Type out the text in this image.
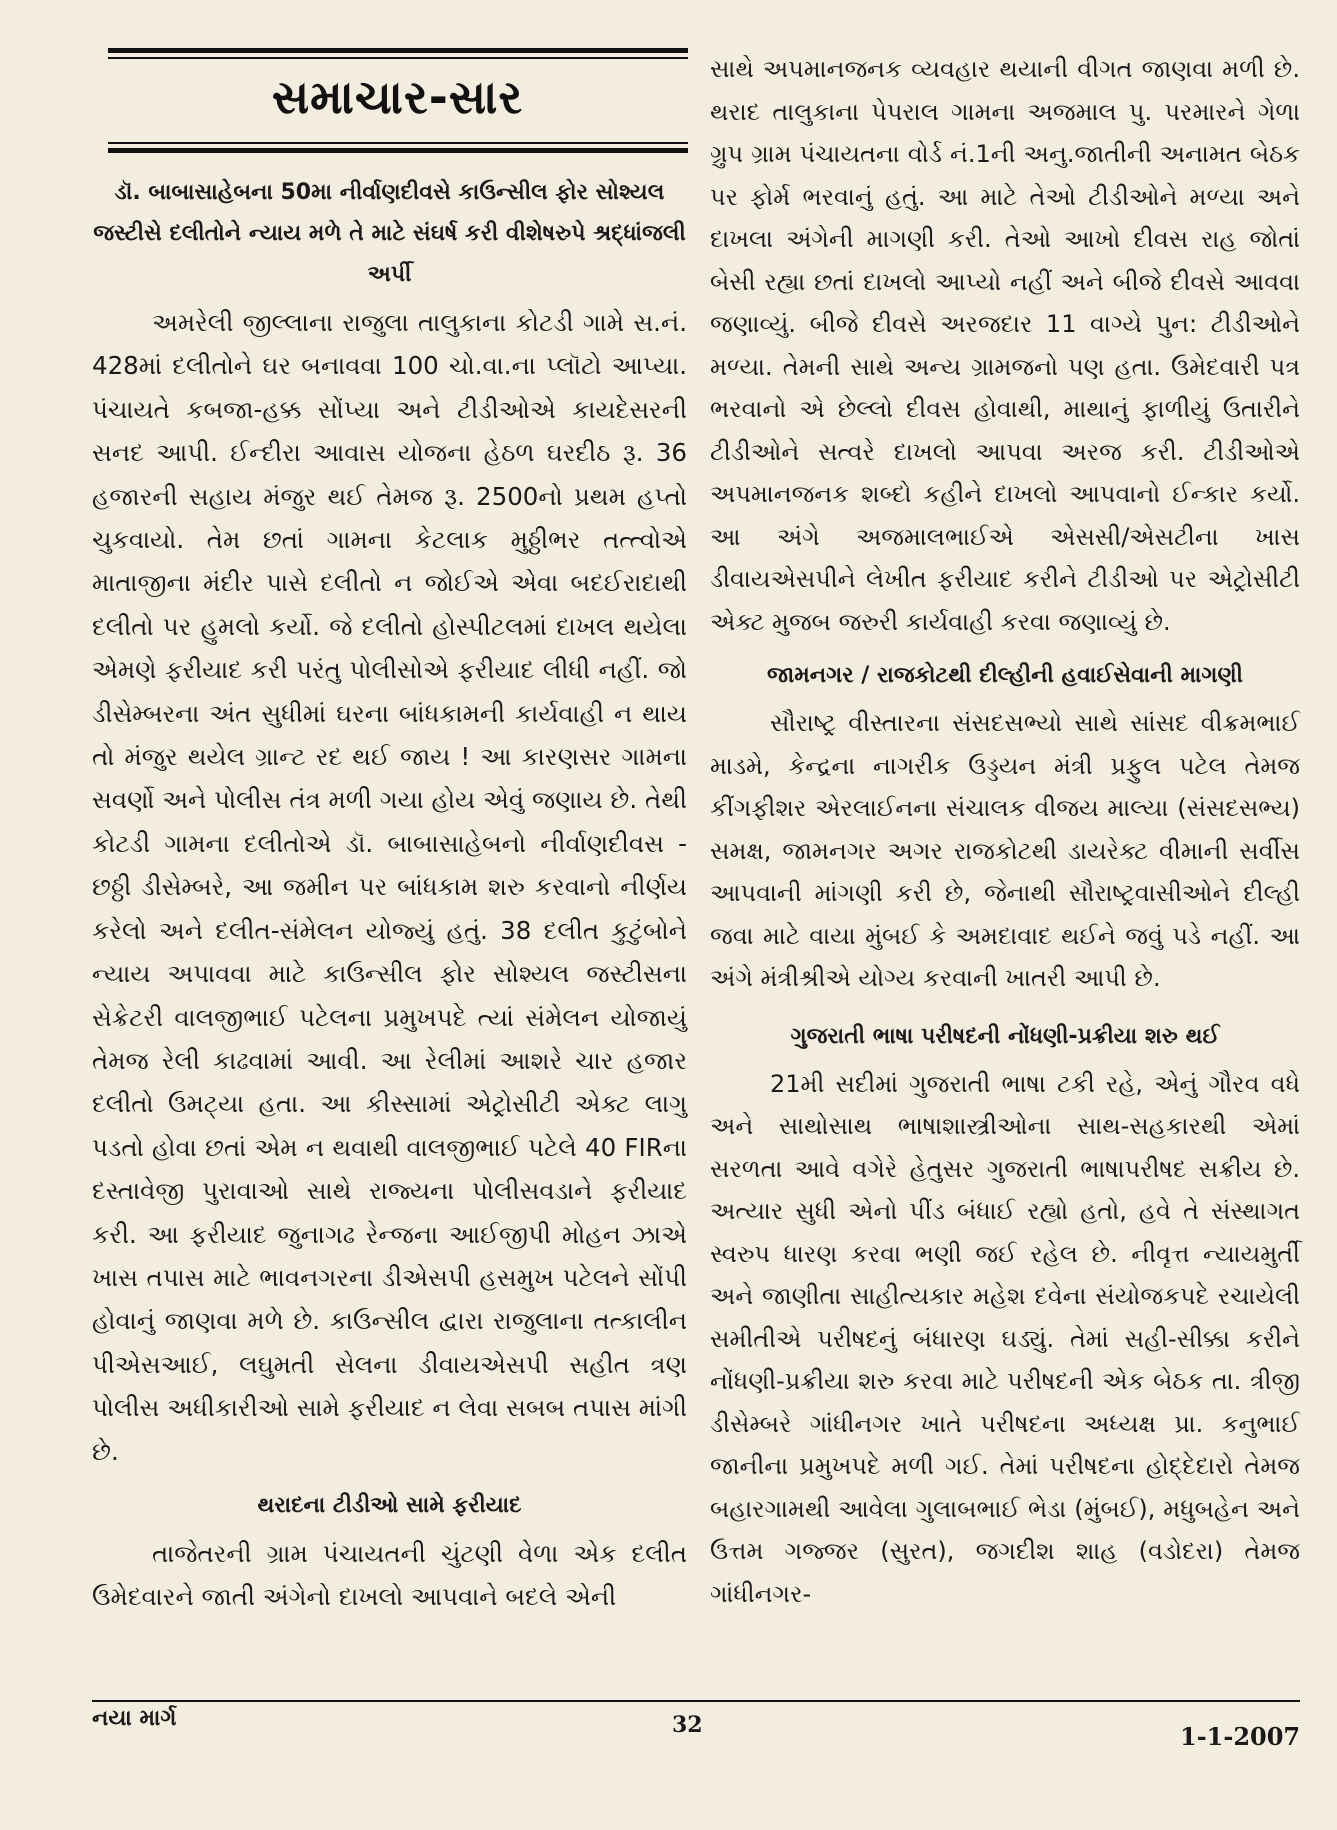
સમાચાર-સાર

ડૉ. બાબાસાહેબના 50મા નીર્વાણદીવસે કાઉન્સીલ ફોર સોશ્યલ જસ્ટીસે દલીતોને ન્યાય મળે તે માટે સંઘર્ષ કરી વીશેષરુપે શ્રદ્ધાંજલી અર્પી

અમરેલી જીલ્લાના રાજુલા તાલુકાના કોટડી ગામે સ.નં. 428માં દલીતોને ઘર બનાવવા 100 ચો.વા.ના પ્લૉટો આપ્યા. પંચાયતે કબજા-હક્ક સોંપ્યા અને ટીડીઓએ કાયદેસરની સનદ આપી. ઈન્દીરા આવાસ યોજના હેઠળ ઘરદીઠ રૂ. 36 હજારની સહાય મંજુર થઈ તેમજ રૂ. 2500નો પ્રથમ હપ્તો ચુકવાયો. તેમ છતાં ગામના કેટલાક મુઠ્ઠીભર તત્ત્વોએ માતાજીના મંદીર પાસે દલીતો ન જોઈએ એવા બદઈરાદાથી દલીતો પર હુમલો કર્યો. જે દલીતો હોસ્પીટલમાં દાખલ થયેલા એમણે ફરીયાદ કરી પરંતુ પોલીસોએ ફરીયાદ લીધી નહીં. જો ડીસેમ્બરના અંત સુધીમાં ઘરના બાંધકામની કાર્યવાહી ન થાય તો મંજુર થયેલ ગ્રાન્ટ રદ થઈ જાય ! આ કારણસર ગામના સવર્ણો અને પોલીસ તંત્ર મળી ગયા હોય એવું જણાય છે. તેથી કોટડી ગામના દલીતોએ ડૉ. બાબાસાહેબનો નીર્વાણદીવસ - છઠ્ઠી ડીસેમ્બરે, આ જમીન પર બાંધકામ શરુ કરવાનો નીર્ણય કરેલો અને દલીત-સંમેલન યોજ્યું હતું. 38 દલીત કુટુંબોને ન્યાય અપાવવા માટે કાઉન્સીલ ફોર સોશ્યલ જસ્ટીસના સેક્રેટરી વાલજીભાઈ પટેલના પ્રમુખપદે ત્યાં સંમેલન યોજાયું તેમજ રેલી કાઢવામાં આવી. આ રેલીમાં આશરે ચાર હજાર દલીતો ઉમટ્યા હતા. આ કીસ્સામાં એટ્રોસીટી એક્ટ લાગુ પડતો હોવા છતાં એમ ન થવાથી વાલજીભાઈ પટેલે 40 FIRના દસ્તાવેજી પુરાવાઓ સાથે રાજ્યના પોલીસવડાને ફરીયાદ કરી. આ ફરીયાદ જુનાગઢ રેન્જના આઈજીપી મોહન ઝાએ ખાસ તપાસ માટે ભાવનગરના ડીએસપી હસમુખ પટેલને સોંપી હોવાનું જાણવા મળે છે. કાઉન્સીલ દ્વારા રાજુલાના તત્કાલીન પીએસઆઈ, લઘુમતી સેલના ડીવાયએસપી સહીત ત્રણ પોલીસ અધીકારીઓ સામે ફરીયાદ ન લેવા સબબ તપાસ માંગી છે.

થરાદના ટીડીઓ સામે ફરીયાદ

તાજેતરની ગ્રામ પંચાયતની ચુંટણી વેળા એક દલીત ઉમેદવારને જાતી અંગેનો દાખલો આપવાને બદલે એની

સાથે અપમાનજનક વ્યવહાર થયાની વીગત જાણવા મળી છે. થરાદ તાલુકાના પેપરાલ ગામના અજમાલ પુ. પરમારને ગેળા ગ્રુપ ગ્રામ પંચાયતના વોર્ડ નં.1ની અનુ.જાતીની અનામત બેઠક પર ફોર્મ ભરવાનું હતું. આ માટે તેઓ ટીડીઓને મળ્યા અને દાખલા અંગેની માગણી કરી. તેઓ આખો દીવસ રાહ જોતાં બેસી રહ્યા છતાં દાખલો આપ્યો નહીં અને બીજે દીવસે આવવા જણાવ્યું. બીજે દીવસે અરજદાર 11 વાગ્યે પુન: ટીડીઓને મળ્યા. તેમની સાથે અન્ય ગ્રામજનો પણ હતા. ઉમેદવારી પત્ર ભરવાનો એ છેલ્લો દીવસ હોવાથી, માથાનું ફાળીયું ઉતારીને ટીડીઓને સત્વરે દાખલો આપવા અરજ કરી. ટીડીઓએ અપમાનજનક શબ્દો કહીને દાખલો આપવાનો ઈન્કાર કર્યો. આ અંગે અજમાલભાઈએ એસસી/એસટીના ખાસ ડીવાયએસપીને લેખીત ફરીયાદ કરીને ટીડીઓ પર એટ્રોસીટી એક્ટ મુજબ જરુરી કાર્યવાહી કરવા જણાવ્યું છે.

જામનગર / રાજકોટથી દીલ્હીની હવાઈસેવાની માગણી

સૌરાષ્ટ્ર વીસ્તારના સંસદસભ્યો સાથે સાંસદ વીક્રમભાઈ માડમે, કેન્દ્રના નાગરીક ઉડ્ડયન મંત્રી પ્રફુલ પટેલ તેમજ કીંગફીશર એરલાઈનના સંચાલક વીજય માલ્યા (સંસદસભ્ય) સમક્ષ, જામનગર અગર રાજકોટથી ડાયરેક્ટ વીમાની સર્વીસ આપવાની માંગણી કરી છે, જેનાથી સૌરાષ્ટ્રવાસીઓને દીલ્હી જવા માટે વાયા મુંબઈ કે અમદાવાદ થઈને જવું પડે નહીં. આ અંગે મંત્રીશ્રીએ યોગ્ય કરવાની ખાતરી આપી છે.

ગુજરાતી ભાષા પરીષદની નોંધણી-પ્રક્રીયા શરુ થઈ

21મી સદીમાં ગુજરાતી ભાષા ટકી રહે, એનું ગૌરવ વધે અને સાથોસાથ ભાષાશાસ્ત્રીઓના સાથ-સહકારથી એમાં સરળતા આવે વગેરે હેતુસર ગુજરાતી ભાષાપરીષદ સક્રીય છે. અત્યાર સુધી એનો પીંડ બંધાઈ રહ્યો હતો, હવે તે સંસ્થાગત સ્વરુપ ધારણ કરવા ભણી જઈ રહેલ છે. નીવૃત્ત ન્યાયમુર્તી અને જાણીતા સાહીત્યકાર મહેશ દવેના સંયોજકપદે રચાયેલી સમીતીએ પરીષદનું બંધારણ ઘડ્યું. તેમાં સહી-સીક્કા કરીને નોંધણી-પ્રક્રીયા શરુ કરવા માટે પરીષદની એક બેઠક તા. ત્રીજી ડીસેમ્બરે ગાંધીનગર ખાતે પરીષદના અધ્યક્ષ પ્રા. કનુભાઈ જાનીના પ્રમુખપદે મળી ગઈ. તેમાં પરીષદના હોદ્દેદારો તેમજ બહારગામથી આવેલા ગુલાબભાઈ ભેડા (મુંબઈ), મધુબહેન અને ઉત્તમ ગજ્જર (સુરત), જગદીશ શાહ (વડોદરા) તેમજ ગાંધીનગર-

નયા માર્ગ	32	1-1-2007
